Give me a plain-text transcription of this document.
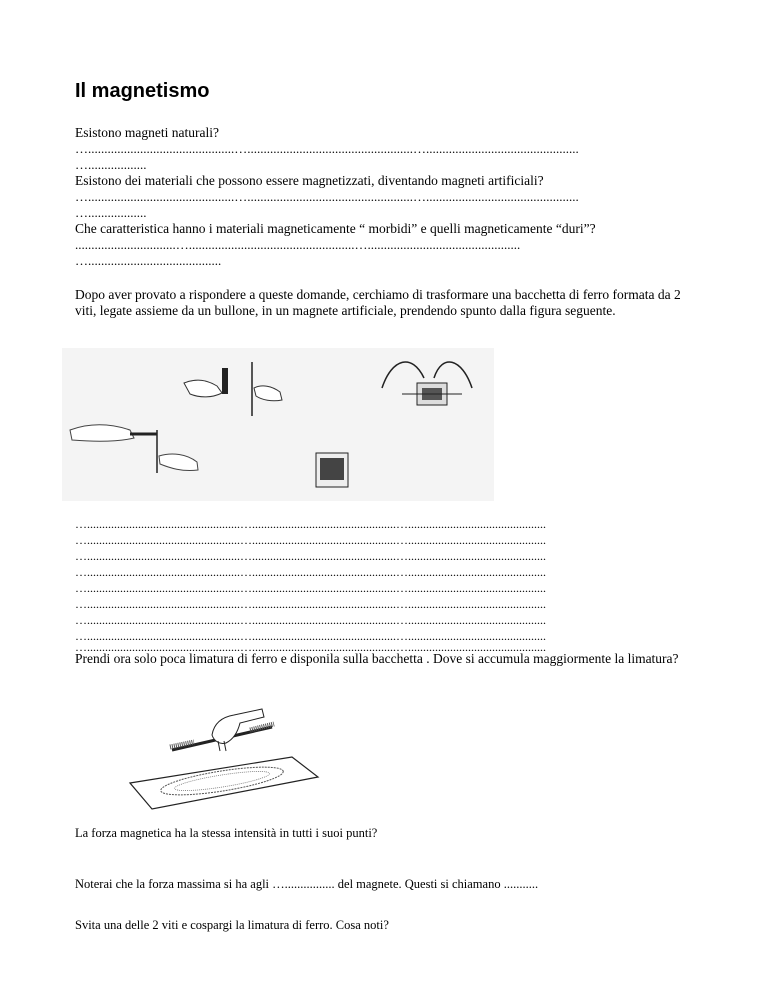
Il magnetismo
Esistono magneti naturali?
….............................................…...................................................…...............................................
…..................
Esistono dei materiali che possono essere magnetizzati, diventando magneti artificiali?
….............................................…...................................................…...............................................
…..................
Che caratteristica hanno i materiali magneticamente “ morbidi” e quelli magneticamente “duri”?
...............................…...................................................…...............................................
….........................................
Dopo aver provato a rispondere a queste domande, cerchiamo di trasformare una bacchetta di ferro formata da 2 viti, legate assieme da un bullone, in un magnete artificiale, prendendo spunto dalla figura seguente.
…...................................................…................................................…..............................................
…...................................................…................................................…..............................................
…...................................................…................................................…..............................................
…...................................................…................................................…..............................................
…...................................................…................................................…..............................................
…...................................................…................................................…..............................................
…...................................................…................................................…..............................................
…...................................................…................................................…..............................................
…...................................................…................................................…..............................................
Prendi ora solo poca limatura di ferro e disponila sulla bacchetta . Dove si accumula maggiormente la limatura?
La forza magnetica ha la stessa intensità in tutti i suoi punti?
Noterai che la forza massima si ha agli …................ del magnete. Questi si chiamano ...........
Svita una delle 2 viti e cospargi la limatura di ferro. Cosa noti?
